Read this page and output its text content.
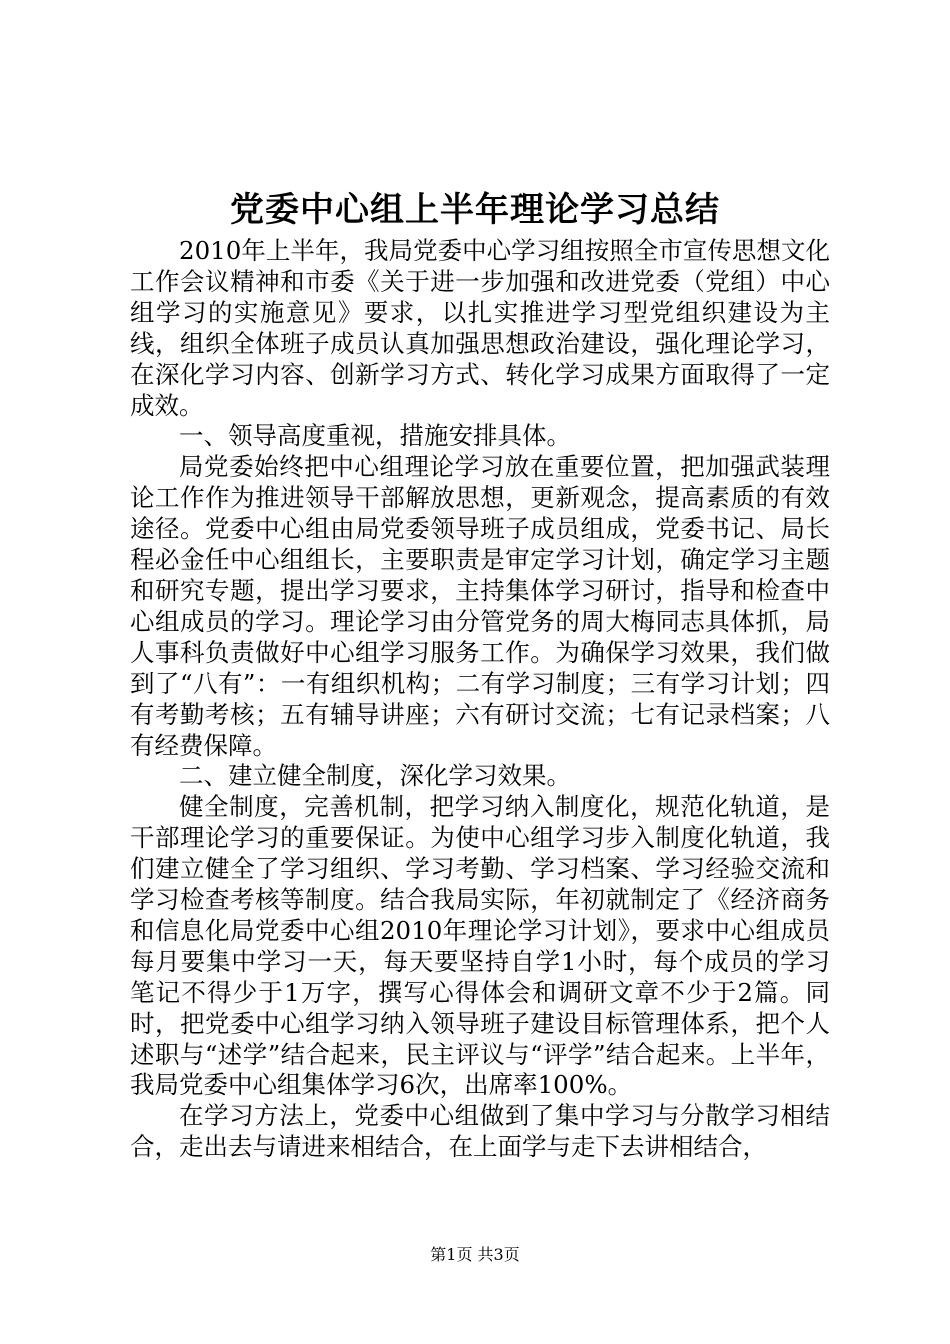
党委中心组上半年理论学习总结

2010年上半年，我局党委中心学习组按照全市宣传思想文化工作会议精神和市委《关于进一步加强和改进党委（党组）中心组学习的实施意见》要求，以扎实推进学习型党组织建设为主线，组织全体班子成员认真加强思想政治建设，强化理论学习，在深化学习内容、创新学习方式、转化学习成果方面取得了一定成效。

一、领导高度重视，措施安排具体。

局党委始终把中心组理论学习放在重要位置，把加强武装理论工作作为推进领导干部解放思想，更新观念，提高素质的有效途径。党委中心组由局党委领导班子成员组成，党委书记、局长程必金任中心组组长，主要职责是审定学习计划，确定学习主题和研究专题，提出学习要求，主持集体学习研讨，指导和检查中心组成员的学习。理论学习由分管党务的周大梅同志具体抓，局人事科负责做好中心组学习服务工作。为确保学习效果，我们做到了“八有”：一有组织机构；二有学习制度；三有学习计划；四有考勤考核；五有辅导讲座；六有研讨交流；七有记录档案；八有经费保障。

二、建立健全制度，深化学习效果。

健全制度，完善机制，把学习纳入制度化，规范化轨道，是干部理论学习的重要保证。为使中心组学习步入制度化轨道，我们建立健全了学习组织、学习考勤、学习档案、学习经验交流和学习检查考核等制度。结合我局实际，年初就制定了《经济商务和信息化局党委中心组2010年理论学习计划》，要求中心组成员每月要集中学习一天，每天要坚持自学1小时，每个成员的学习笔记不得少于1万字，撰写心得体会和调研文章不少于2篇。同时，把党委中心组学习纳入领导班子建设目标管理体系，把个人述职与“述学”结合起来，民主评议与“评学”结合起来。上半年，我局党委中心组集体学习6次，出席率100%。

在学习方法上，党委中心组做到了集中学习与分散学习相结合，走出去与请进来相结合，在上面学与走下去讲相结合，

第1页 共3页
